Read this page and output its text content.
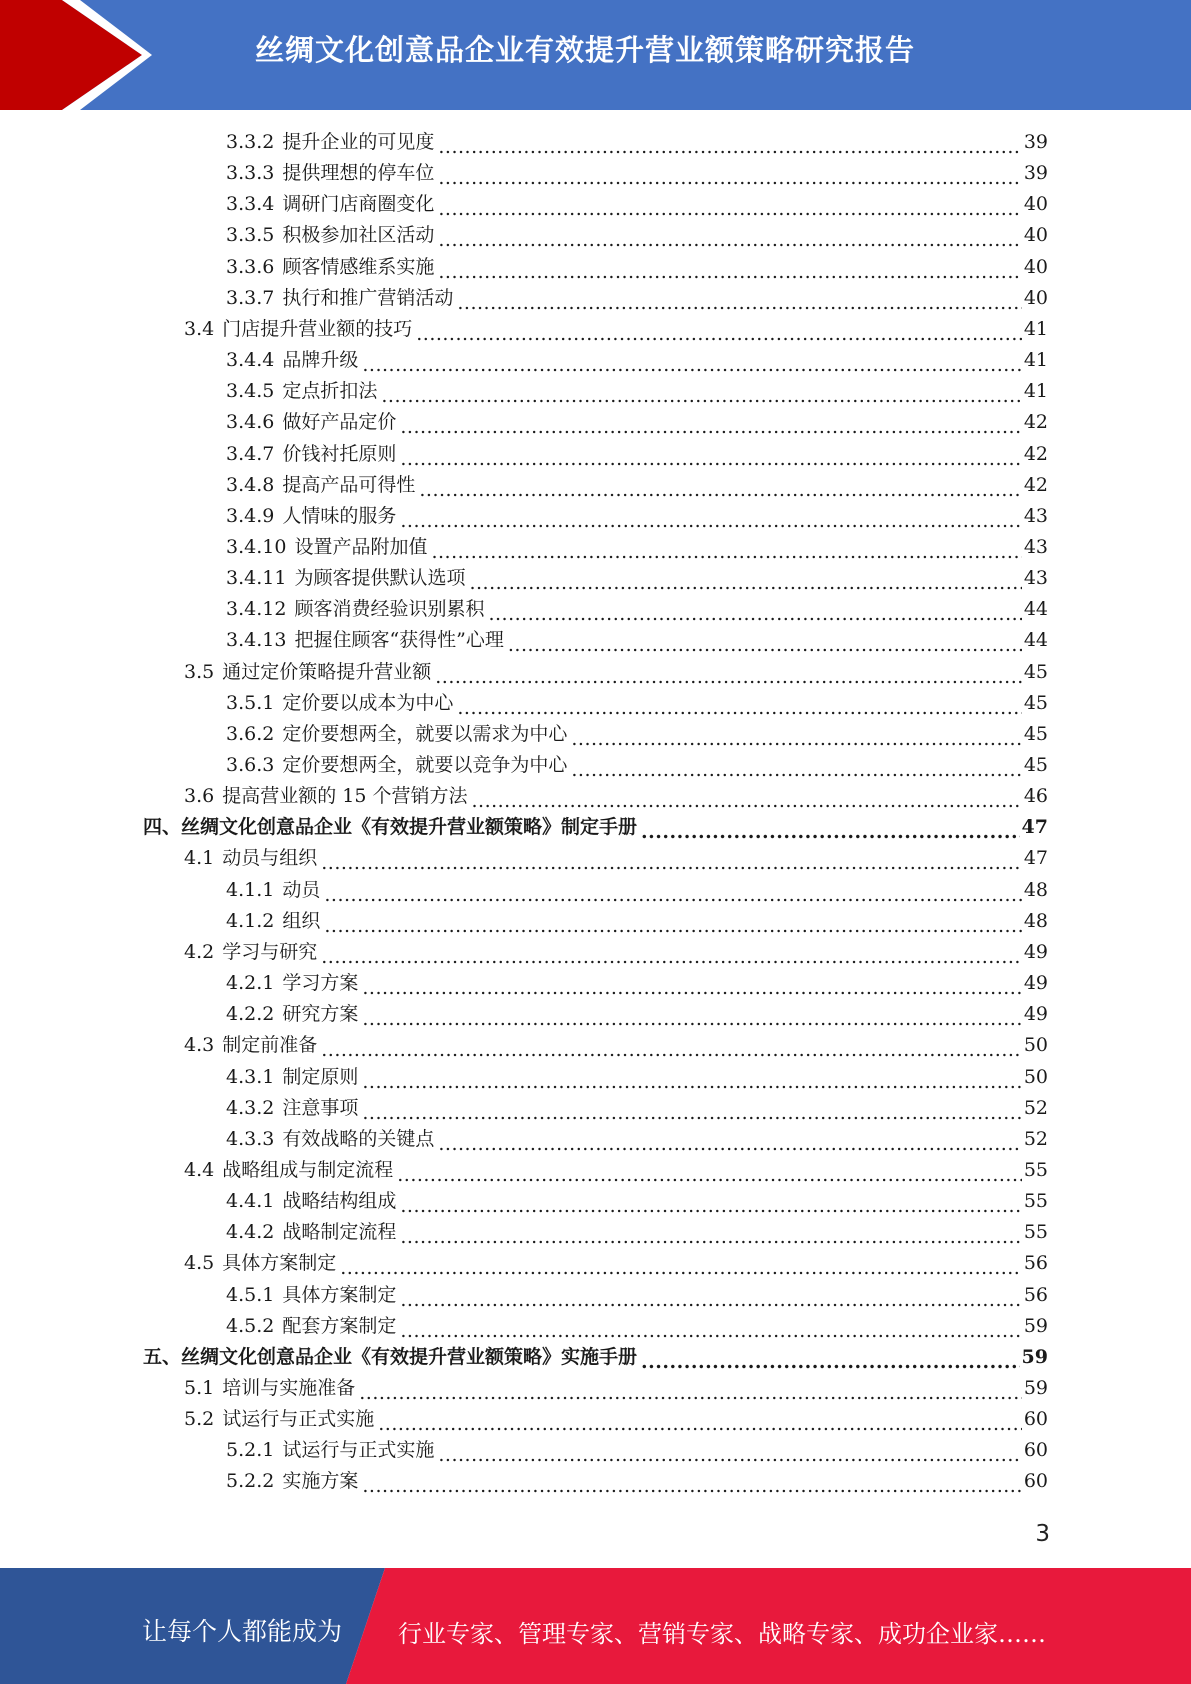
丝绸文化创意品企业有效提升营业额策略研究报告
3.3.2 提升企业的可见度 .....	39
3.3.3 提供理想的停车位 .....	39
3.3.4 调研门店商圈变化 .....	40
3.3.5 积极参加社区活动 .....	40
3.3.6 顾客情感维系实施 .....	40
3.3.7 执行和推广营销活动 .....	40
3.4 门店提升营业额的技巧 .....	41
3.4.4 品牌升级 .....	41
3.4.5 定点折扣法 .....	41
3.4.6 做好产品定价 .....	42
3.4.7 价钱衬托原则 .....	42
3.4.8 提高产品可得性 .....	42
3.4.9 人情味的服务 .....	43
3.4.10 设置产品附加值 .....	43
3.4.11 为顾客提供默认选项 .....	43
3.4.12 顾客消费经验识别累积 .....	44
3.4.13 把握住顾客“获得性”心理 .....	44
3.5 通过定价策略提升营业额 .....	45
3.5.1 定价要以成本为中心 .....	45
3.6.2 定价要想两全，就要以需求为中心 .....	45
3.6.3 定价要想两全，就要以竞争为中心 .....	45
3.6 提高营业额的 15 个营销方法 .....	46
四、 丝绸文化创意品企业《有效提升营业额策略》制定手册 .....	47
4.1 动员与组织 .....	47
4.1.1 动员 .....	48
4.1.2 组织 .....	48
4.2 学习与研究 .....	49
4.2.1 学习方案 .....	49
4.2.2 研究方案 .....	49
4.3 制定前准备 .....	50
4.3.1 制定原则 .....	50
4.3.2 注意事项 .....	52
4.3.3 有效战略的关键点 .....	52
4.4 战略组成与制定流程 .....	55
4.4.1 战略结构组成 .....	55
4.4.2 战略制定流程 .....	55
4.5 具体方案制定 .....	56
4.5.1 具体方案制定 .....	56
4.5.2 配套方案制定 .....	59
五、 丝绸文化创意品企业《有效提升营业额策略》实施手册 .....	59
5.1 培训与实施准备 .....	59
5.2 试运行与正式实施 .....	60
5.2.1 试运行与正式实施 .....	60
5.2.2 实施方案 .....	60
3
让每个人都能成为 行业专家、管理专家、营销专家、战略专家、成功企业家……
